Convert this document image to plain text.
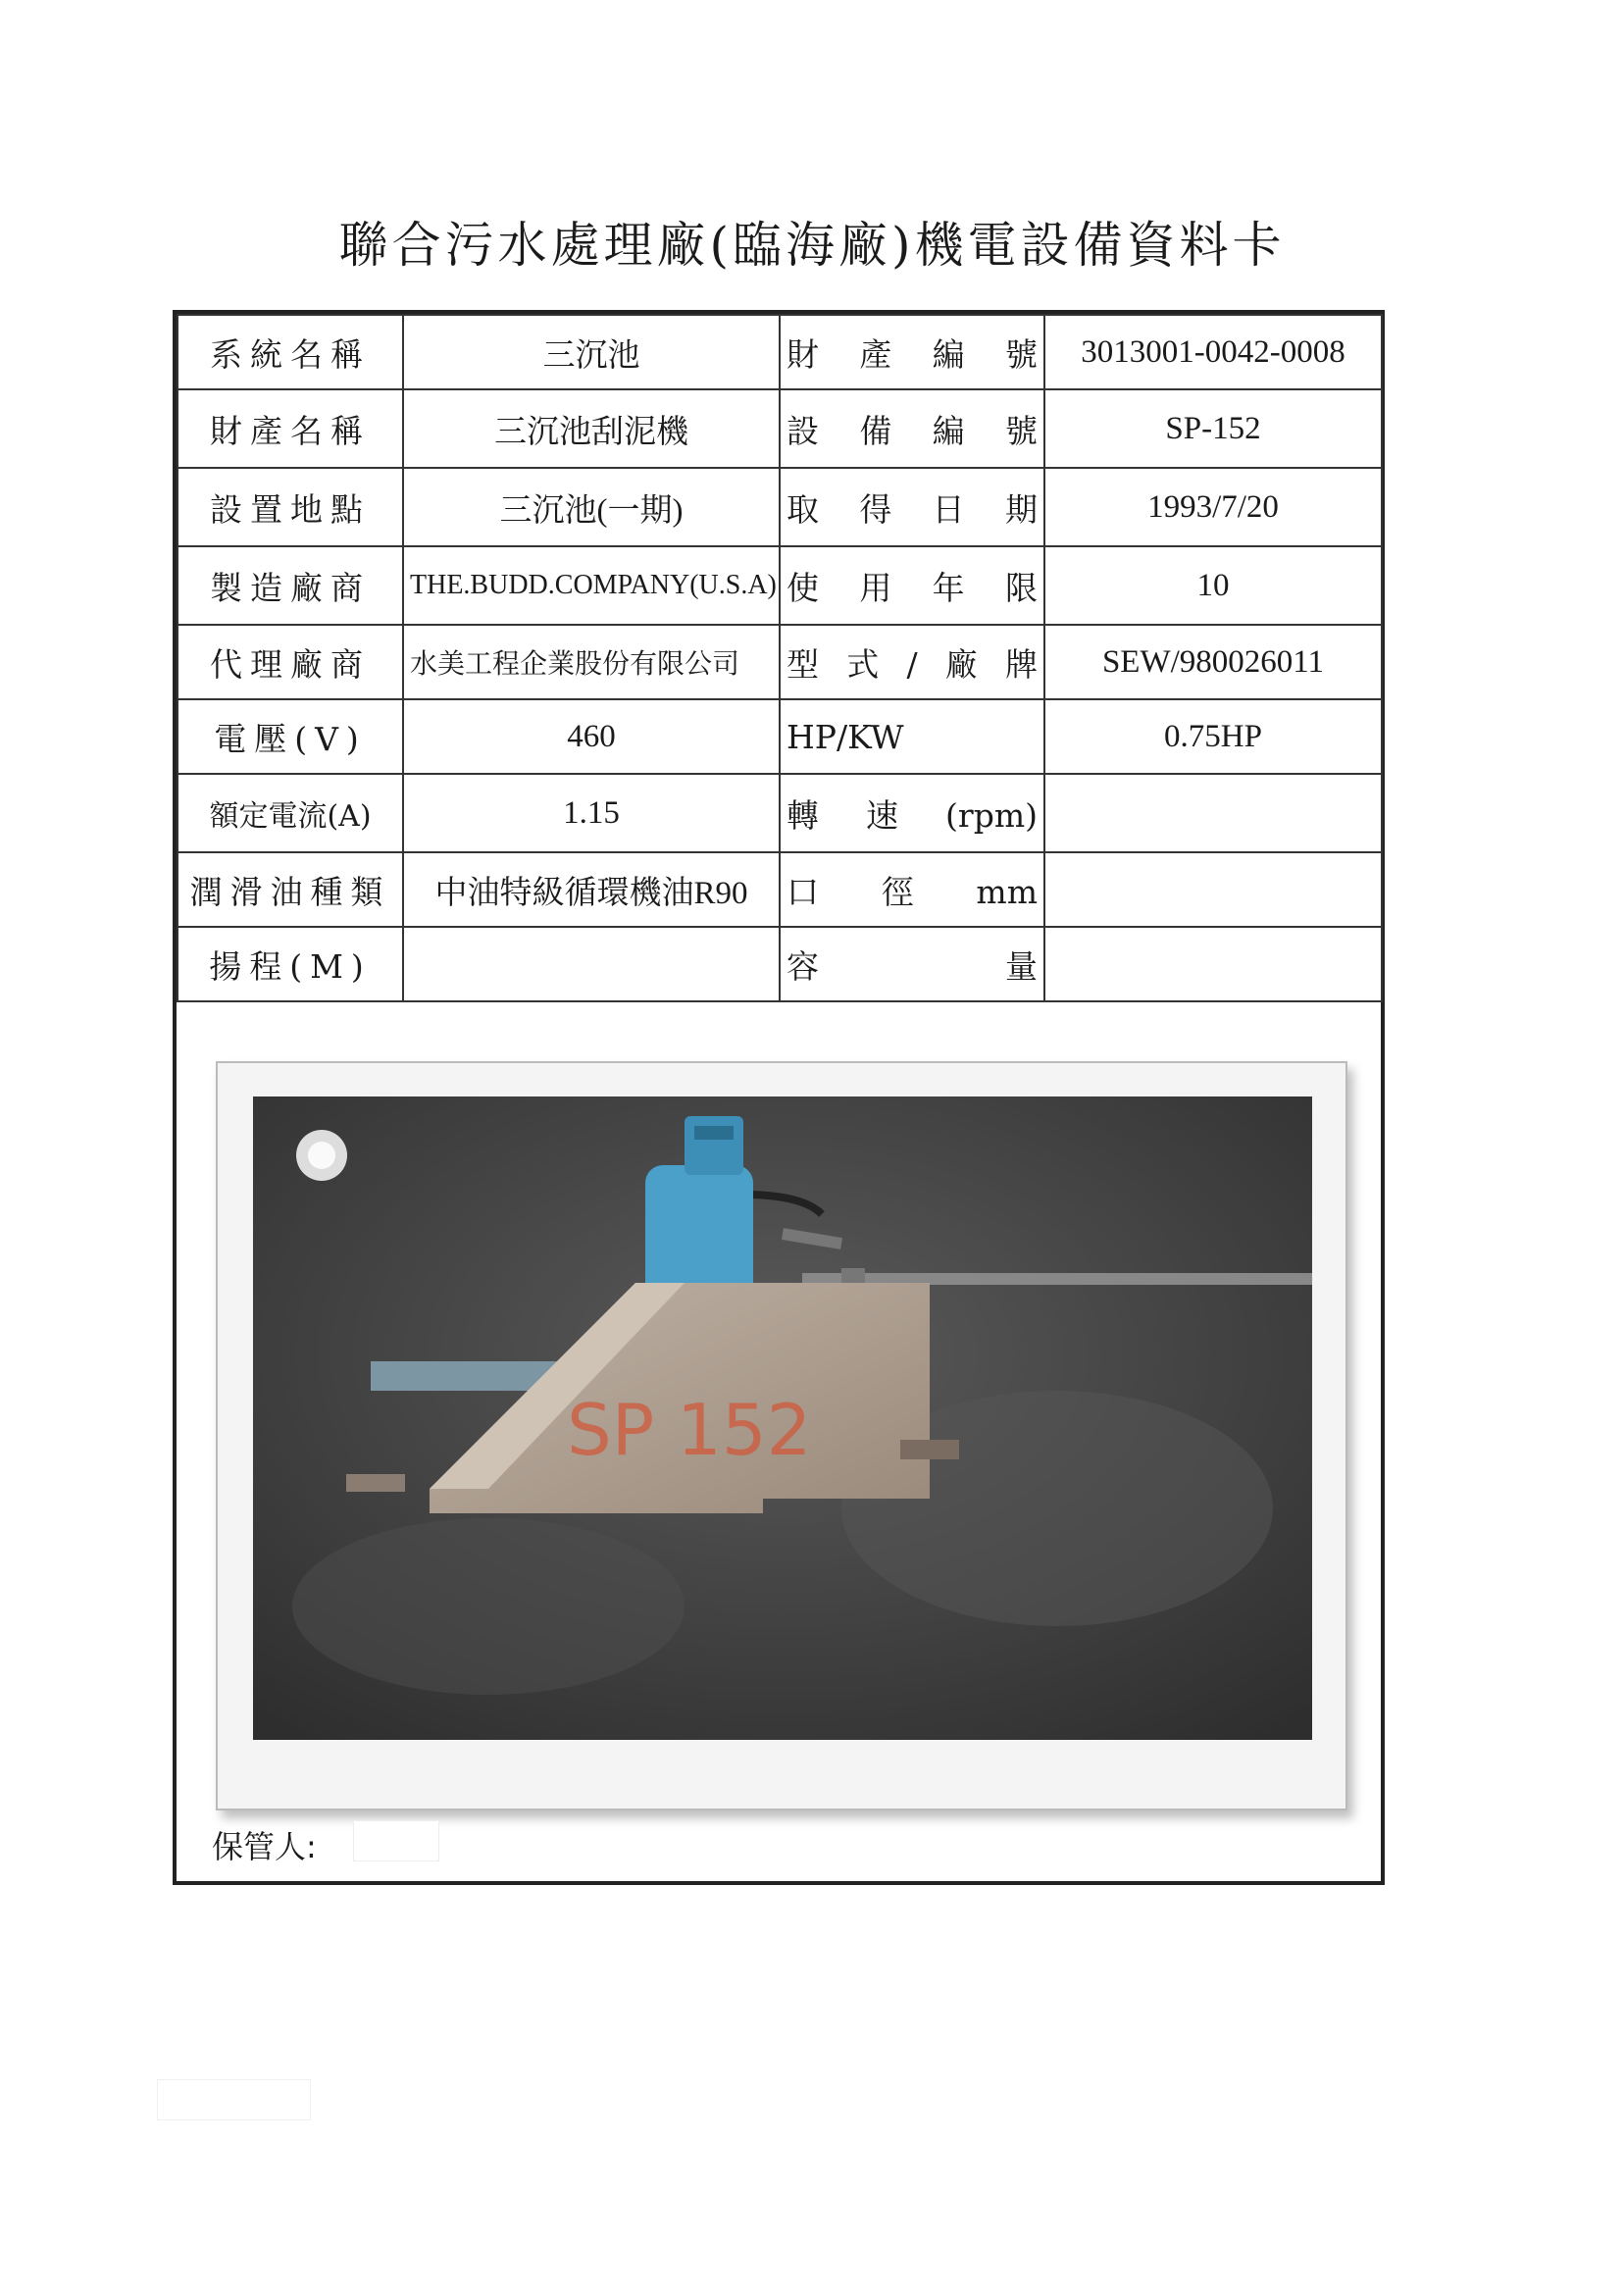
聯合污水處理廠(臨海廠)機電設備資料卡
系統名稱	三沉池	財產編號	3013001-0042-0008
財產名稱	三沉池刮泥機	設備編號	SP-152
設置地點	三沉池(一期)	取得日期	1993/7/20
製造廠商	THE.BUDD.COMPANY(U.S.A)	使用年限	10
代理廠商	水美工程企業股份有限公司	型式/廠牌	SEW/980026011
電壓(V)	460	HP/KW	0.75HP
額定電流(A)	1.15	轉速(rpm)	
潤滑油種類	中油特級循環機油R90	口徑mm	
揚程(M)		容量	
SP 152
保管人:
